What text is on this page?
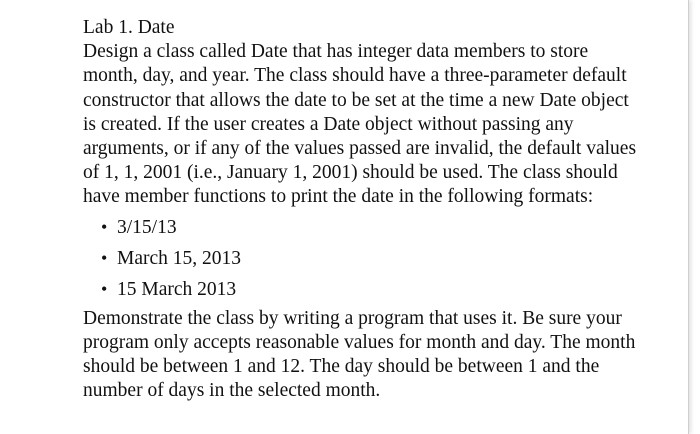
Lab 1. Date

Design a class called Date that has integer data members to store month, day, and year. The class should have a three-parameter default constructor that allows the date to be set at the time a new Date object is created. If the user creates a Date object without passing any arguments, or if any of the values passed are invalid, the default values of 1, 1, 2001 (i.e., January 1, 2001) should be used. The class should have member functions to print the date in the following formats:

• 3/15/13
• March 15, 2013
• 15 March 2013

Demonstrate the class by writing a program that uses it. Be sure your program only accepts reasonable values for month and day. The month should be between 1 and 12. The day should be between 1 and the number of days in the selected month.
